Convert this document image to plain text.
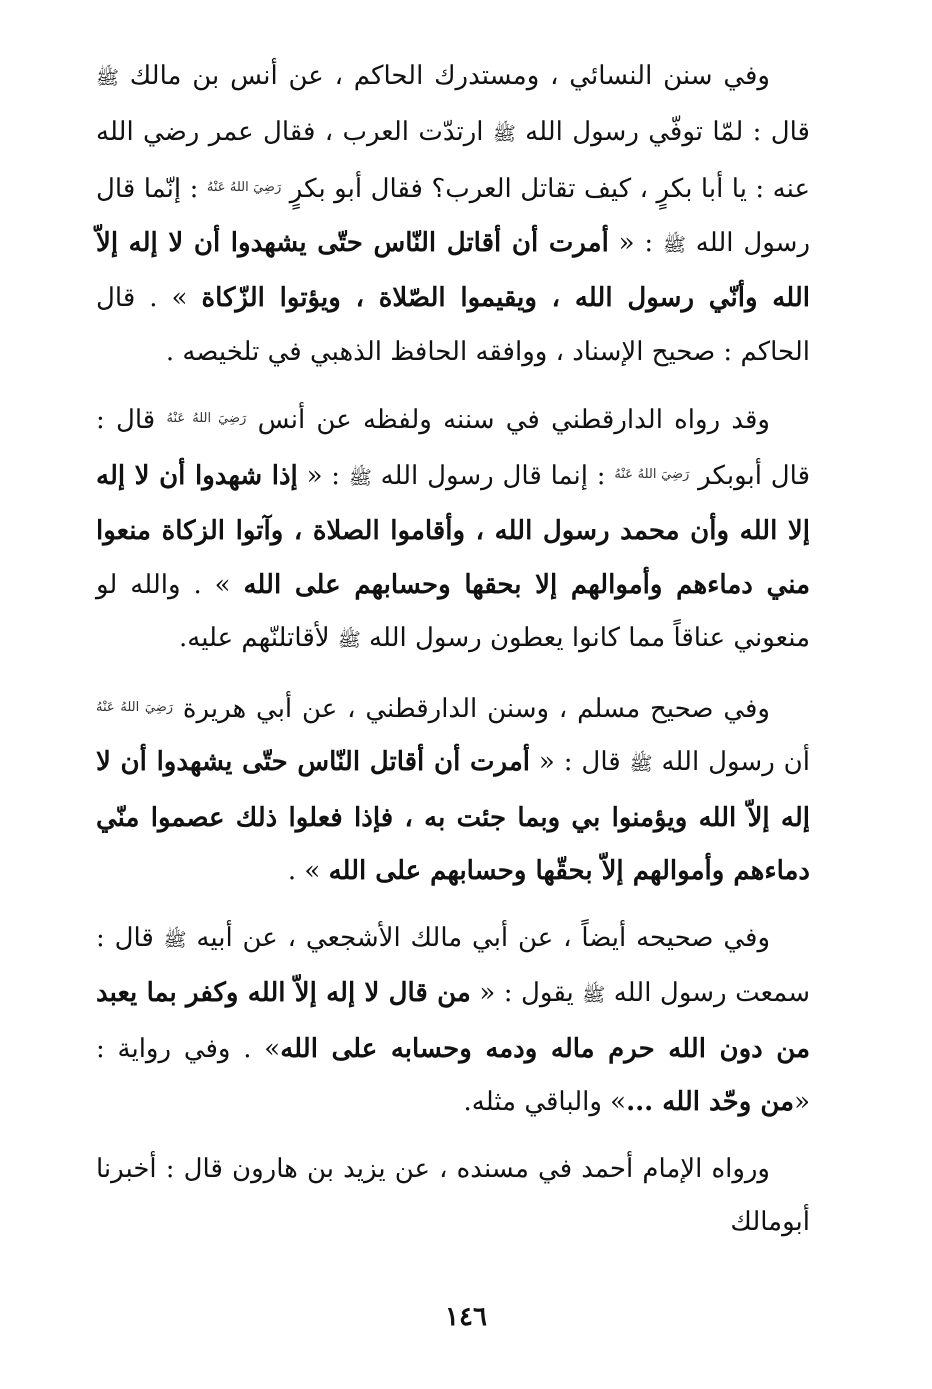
وفي سنن النسائي ، ومستدرك الحاكم ، عن أنس بن مالك ﷺ قال : لمّا توفّي رسول الله ﷺ ارتدّت العرب ، فقال عمر رضي الله عنه : يا أبا بكرٍ ، كيف تقاتل العرب؟ فقال أبو بكرٍ $^{رَضِيَ اللهُ عَنْهُ}$ : إنّما قال رسول الله ﷺ : « أمرت أن أقاتل النّاس حتّى يشهدوا أن لا إله إلاّ الله وأنّي رسول الله ، ويقيموا الصّلاة ، ويؤتوا الزّكاة » . قال الحاكم : صحيح الإسناد ، ووافقه الحافظ الذهبي في تلخيصه .

وقد رواه الدارقطني في سننه ولفظه عن أنس $^{رَضِيَ اللهُ عَنْهُ}$ قال : قال أبوبكر $^{رَضِيَ اللهُ عَنْهُ}$ : إنما قال رسول الله ﷺ : « إذا شهدوا أن لا إله إلا الله وأن محمد رسول الله ، وأقاموا الصلاة ، وآتوا الزكاة منعوا مني دماءهم وأموالهم إلا بحقها وحسابهم على الله » . والله لو منعوني عناقاً مما كانوا يعطون رسول الله ﷺ لأقاتلنّهم عليه.

وفي صحيح مسلم ، وسنن الدارقطني ، عن أبي هريرة $^{رَضِيَ اللهُ عَنْهُ}$ أن رسول الله ﷺ قال : « أمرت أن أقاتل النّاس حتّى يشهدوا أن لا إله إلاّ الله ويؤمنوا بي وبما جئت به ، فإذا فعلوا ذلك عصموا منّي دماءهم وأموالهم إلاّ بحقّها وحسابهم على الله » .

وفي صحيحه أيضاً ، عن أبي مالك الأشجعي ، عن أبيه ﷺ قال : سمعت رسول الله ﷺ يقول : « من قال لا إله إلاّ الله وكفر بما يعبد من دون الله حرم ماله ودمه وحسابه على الله» . وفي رواية : «من وحّد الله ...» والباقي مثله.

ورواه الإمام أحمد في مسنده ، عن يزيد بن هارون قال : أخبرنا أبومالك

١٤٦
